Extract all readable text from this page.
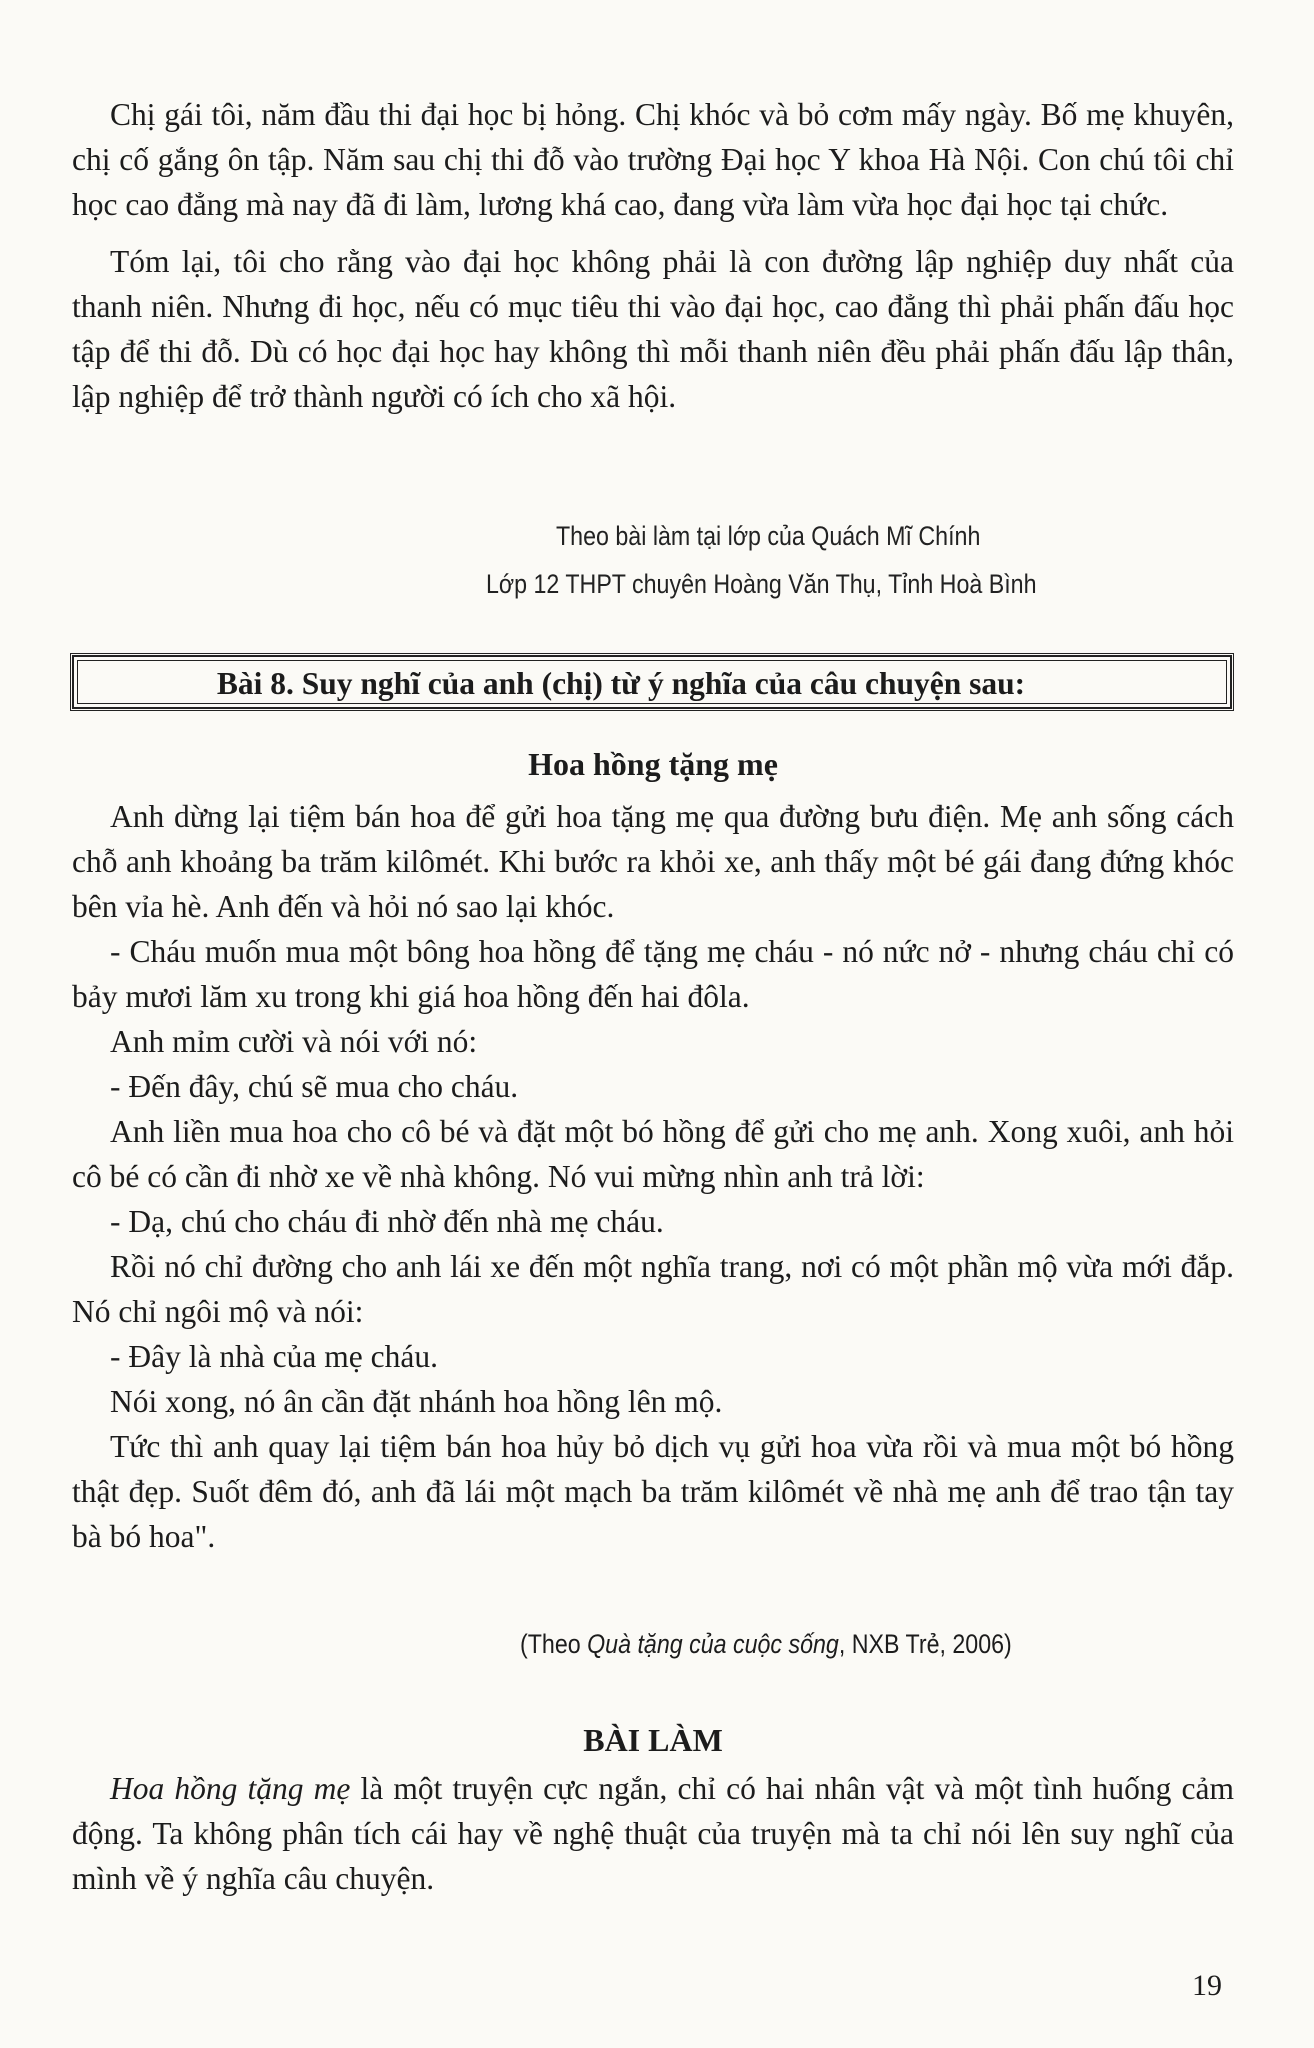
Chị gái tôi, năm đầu thi đại học bị hỏng. Chị khóc và bỏ cơm mấy ngày. Bố mẹ khuyên, chị cố gắng ôn tập. Năm sau chị thi đỗ vào trường Đại học Y khoa Hà Nội. Con chú tôi chỉ học cao đẳng mà nay đã đi làm, lương khá cao, đang vừa làm vừa học đại học tại chức.

Tóm lại, tôi cho rằng vào đại học không phải là con đường lập nghiệp duy nhất của thanh niên. Nhưng đi học, nếu có mục tiêu thi vào đại học, cao đẳng thì phải phấn đấu học tập để thi đỗ. Dù có học đại học hay không thì mỗi thanh niên đều phải phấn đấu lập thân, lập nghiệp để trở thành người có ích cho xã hội.

Theo bài làm tại lớp của Quách Mĩ Chính
Lớp 12 THPT chuyên Hoàng Văn Thụ, Tỉnh Hoà Bình
Bài 8. Suy nghĩ của anh (chị) từ ý nghĩa của câu chuyện sau:
Hoa hồng tặng mẹ

Anh dừng lại tiệm bán hoa để gửi hoa tặng mẹ qua đường bưu điện. Mẹ anh sống cách chỗ anh khoảng ba trăm kilômét. Khi bước ra khỏi xe, anh thấy một bé gái đang đứng khóc bên vỉa hè. Anh đến và hỏi nó sao lại khóc.

- Cháu muốn mua một bông hoa hồng để tặng mẹ cháu - nó nức nở - nhưng cháu chỉ có bảy mươi lăm xu trong khi giá hoa hồng đến hai đôla.

Anh mỉm cười và nói với nó:

- Đến đây, chú sẽ mua cho cháu.

Anh liền mua hoa cho cô bé và đặt một bó hồng để gửi cho mẹ anh. Xong xuôi, anh hỏi cô bé có cần đi nhờ xe về nhà không. Nó vui mừng nhìn anh trả lời:

- Dạ, chú cho cháu đi nhờ đến nhà mẹ cháu.

Rồi nó chỉ đường cho anh lái xe đến một nghĩa trang, nơi có một phần mộ vừa mới đắp. Nó chỉ ngôi mộ và nói:

- Đây là nhà của mẹ cháu.

Nói xong, nó ân cần đặt nhánh hoa hồng lên mộ.

Tức thì anh quay lại tiệm bán hoa hủy bỏ dịch vụ gửi hoa vừa rồi và mua một bó hồng thật đẹp. Suốt đêm đó, anh đã lái một mạch ba trăm kilômét về nhà mẹ anh để trao tận tay bà bó hoa".

(Theo Quà tặng của cuộc sống, NXB Trẻ, 2006)
BÀI LÀM

Hoa hồng tặng mẹ là một truyện cực ngắn, chỉ có hai nhân vật và một tình huống cảm động. Ta không phân tích cái hay về nghệ thuật của truyện mà ta chỉ nói lên suy nghĩ của mình về ý nghĩa câu chuyện.

19
